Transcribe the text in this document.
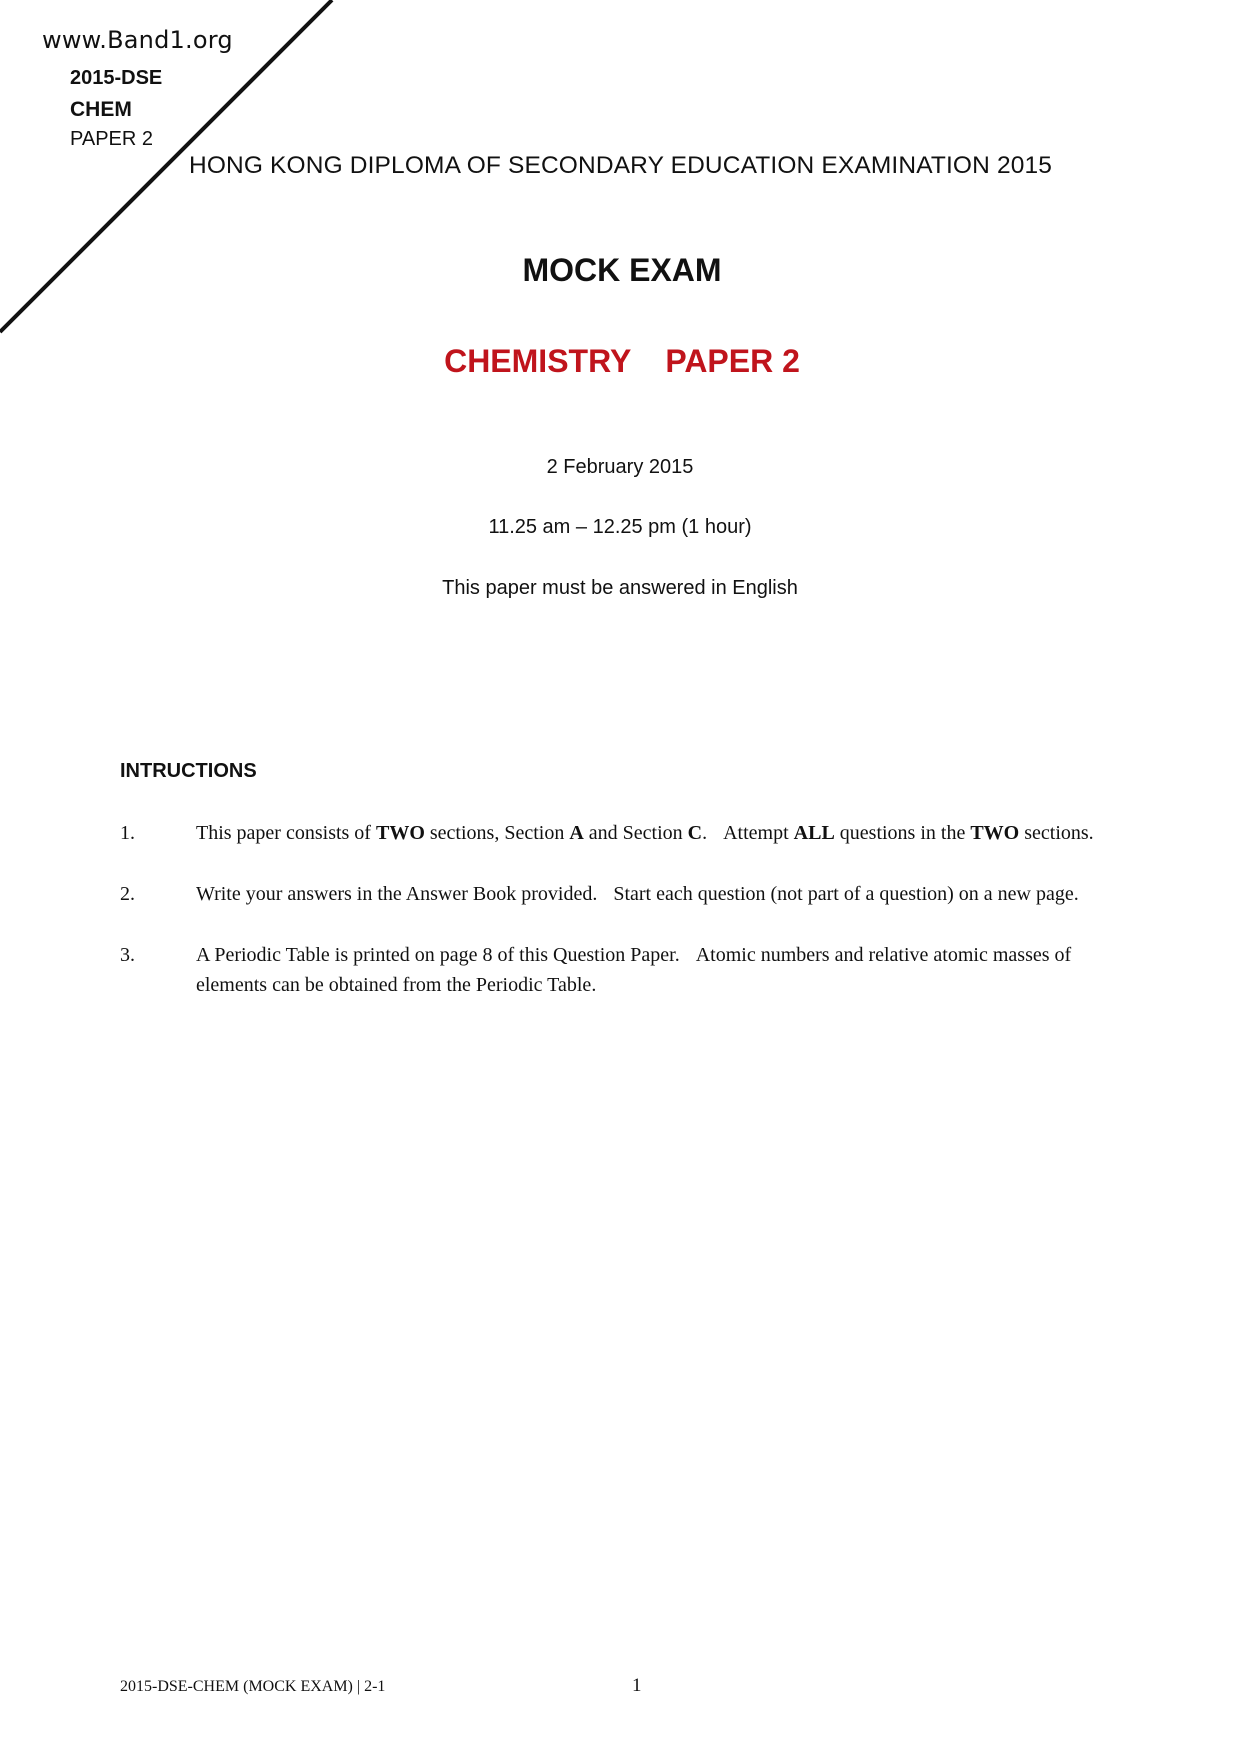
www.Band1.org
2015-DSE
CHEM
PAPER 2
HONG KONG DIPLOMA OF SECONDARY EDUCATION EXAMINATION 2015
MOCK EXAM
CHEMISTRY PAPER 2
2 February 2015
11.25 am – 12.25 pm (1 hour)
This paper must be answered in English
INTRUCTIONS
1.	This paper consists of TWO sections, Section A and Section C. Attempt ALL questions in the TWO sections.
2.	Write your answers in the Answer Book provided. Start each question (not part of a question) on a new page.
3.	A Periodic Table is printed on page 8 of this Question Paper. Atomic numbers and relative atomic masses of
elements can be obtained from the Periodic Table.
2015-DSE-CHEM (MOCK EXAM) | 2-1	1
